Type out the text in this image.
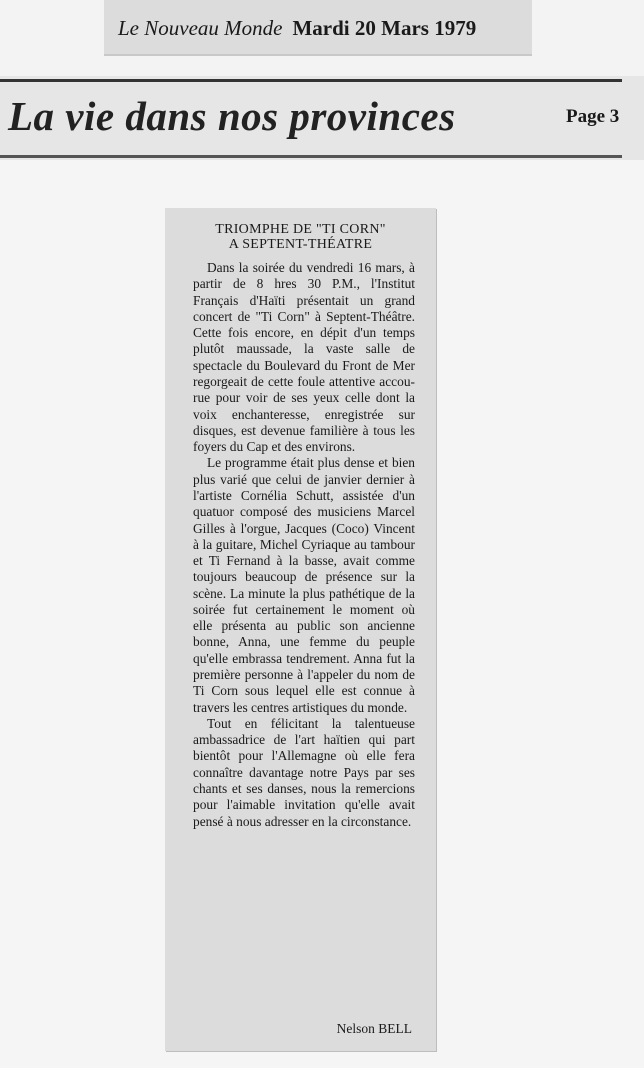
Le Nouveau Monde Mardi 20 Mars 1979
La vie dans nos provinces	Page 3
TRIOMPHE DE "TI CORN"
A SEPTENT-THÉATRE

Dans la soirée du vendredi 16 mars, à partir de 8 hres 30 P.M., l'Institut Français d'Haïti présentait un grand concert de "Ti Corn" à Septent-Théâtre. Cette fois encore, en dépit d'un temps plutôt maussade, la vaste salle de spectacle du Boulevard du Front de Mer regorgeait de cette foule attentive accourue pour voir de ses yeux celle dont la voix enchanteresse, enregistrée sur disques, est devenue familière à tous les foyers du Cap et des environs.

Le programme était plus dense et bien plus varié que celui de janvier dernier à l'artiste Cornélia Schutt, assistée d'un quatuor composé des musiciens Marcel Gilles à l'orgue, Jacques (Coco) Vincent à la guitare, Michel Cyriaque au tambour et Ti Fernand à la basse, avait comme toujours beaucoup de présence sur la scène. La minute la plus pathétique de la soirée fut certainement le moment où elle présenta au public son ancienne bonne, Anna, une femme du peuple qu'elle embrassa tendrement. Anna fut la première personne à l'appeler du nom de Ti Corn sous lequel elle est connue à travers les centres artistiques du monde.

Tout en félicitant la talentueuse ambassadrice de l'art haïtien qui part bientôt pour l'Allemagne où elle fera connaître davantage notre Pays par ses chants et ses danses, nous la remercions pour l'aimable invitation qu'elle avait pensé à nous adresser en la circonstance.

Nelson BELL
